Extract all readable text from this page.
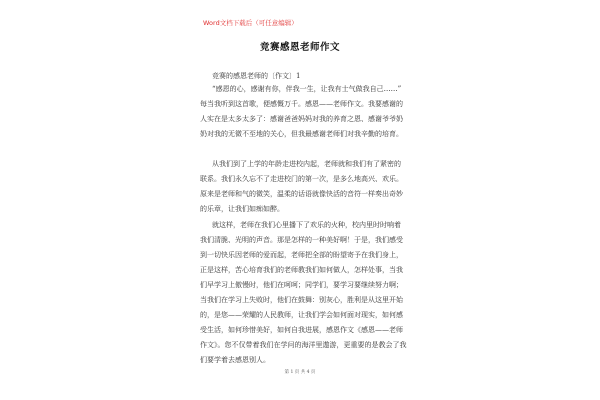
Word文档下载后（可任意编辑）
竞赛感恩老师作文
竞赛的感恩老师的〔作文〕1
“感恩的心，感谢有你，伴我一生，让我有士气做我自己……”
每当我听到这首歌，便感慨万千。感恩——老师作文。我要感谢的
人实在是太多太多了：感谢爸爸妈妈对我的养育之恩、感谢爷爷奶
奶对我的无微不至地的关心，但我最感谢老师们对我辛勤的培育。
从我们到了上学的年龄走进校内起，老师就和我们有了紧密的
联系。我们永久忘不了走进校门的第一次，是多么地高兴、欢乐。
原来是老师和气的微笑，温柔的话语就像快活的音符一样奏出奇妙
的乐章，让我们如痴如醉。
就这样，老师在我们心里播下了欢乐的火种，校内里时时响着
我们清脆、光明的声音。那是怎样的一种美好啊！于是，我们感受
到一切快乐因老师的爱而起，老师把全部的盼望寄予在我们身上，
正是这样，苦心培育我们的老师教我们如何做人，怎样处事，当我
们早学习上傲慢时，他们在呵呵；同学们，要学习要继续努力啊；
当我们在学习上失败时，他们在鼓舞：别灰心，胜利是从这里开始
的，是您——荣耀的人民教师，让我们学会如何面对现实，如何感
受生活，如何珍惜美好，如何自我进展，感恩作文《感恩——老师
作文》。您不仅带着我们在学问的海洋里遨游，更重要的是教会了我
们要学着去感恩别人。
第 1 页 共 4 页
